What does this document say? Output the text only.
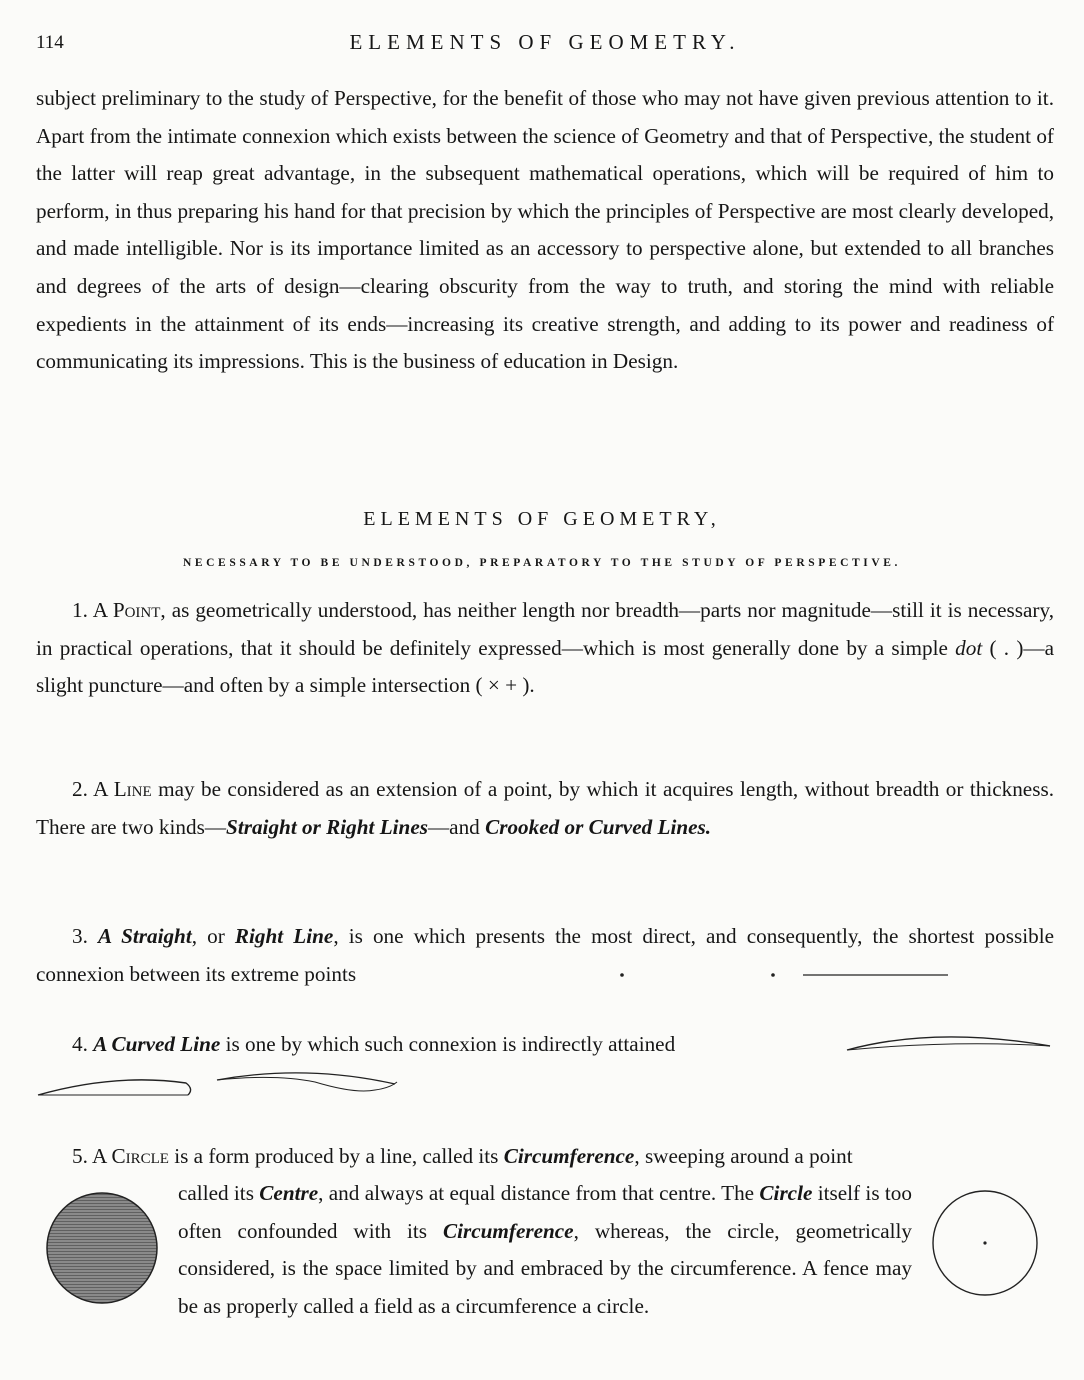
114	ELEMENTS OF GEOMETRY.

subject preliminary to the study of Perspective, for the benefit of those who may not have given previous attention to it. Apart from the intimate connexion which exists between the science of Geometry and that of Perspective, the student of the latter will reap great advantage, in the subsequent mathematical operations, which will be required of him to perform, in thus preparing his hand for that precision by which the principles of Perspective are most clearly developed, and made intelligible. Nor is its importance limited as an accessory to perspective alone, but extended to all branches and degrees of the arts of design—clearing obscurity from the way to truth, and storing the mind with reliable expedients in the attainment of its ends—increasing its creative strength, and adding to its power and readiness of communicating its impressions. This is the business of education in Design.

ELEMENTS OF GEOMETRY,
NECESSARY TO BE UNDERSTOOD, PREPARATORY TO THE STUDY OF PERSPECTIVE.

1. A Point, as geometrically understood, has neither length nor breadth—parts nor magnitude—still it is necessary, in practical operations, that it should be definitely expressed—which is most generally done by a simple dot ( . )—a slight puncture—and often by a simple intersection ( × + ).

2. A Line may be considered as an extension of a point, by which it acquires length, without breadth or thickness. There are two kinds—Straight or Right Lines—and Crooked or Curved Lines.

3. A Straight, or Right Line, is one which presents the most direct, and consequently, the shortest possible connexion between its extreme points

4. A Curved Line is one by which such connexion is indirectly attained

5. A Circle is a form produced by a line, called its Circumference, sweeping around a point

called its Centre, and always at equal distance from that centre. The Circle itself is too often confounded with its Circumference, whereas, the circle, geometrically considered, is the space limited by and embraced by the circumference. A fence may be as properly called a field as a circumference a circle.
